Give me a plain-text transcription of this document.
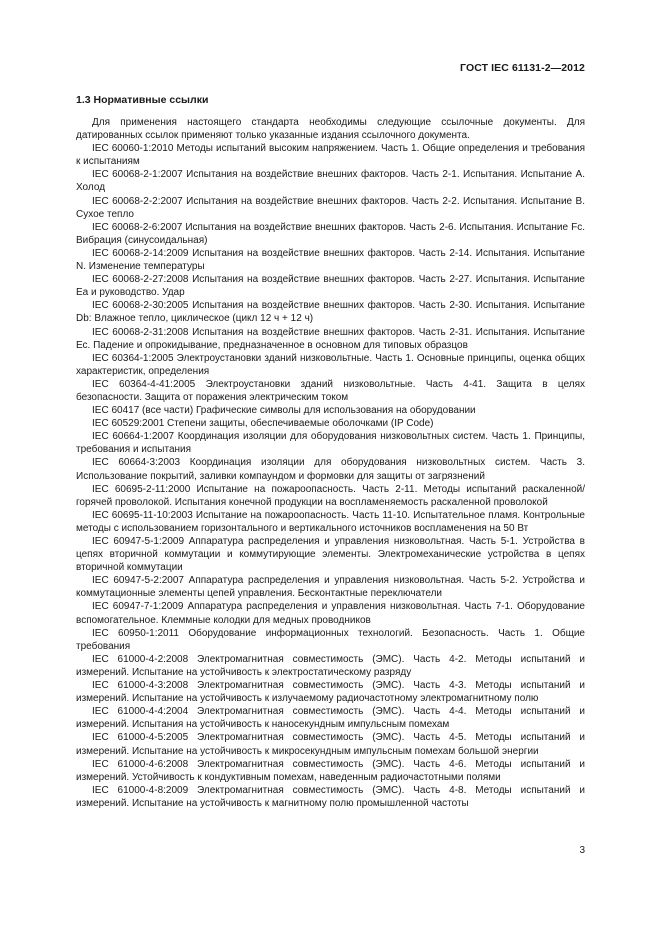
ГОСТ IEC 61131-2—2012
1.3 Нормативные ссылки

Для применения настоящего стандарта необходимы следующие ссылочные документы. Для датированных ссылок применяют только указанные издания ссылочного документа.

IEC 60060-1:2010 Методы испытаний высоким напряжением. Часть 1. Общие определения и требования к испытаниям

IEC 60068-2-1:2007 Испытания на воздействие внешних факторов. Часть 2-1. Испытания. Испытание А. Холод

IEC 60068-2-2:2007 Испытания на воздействие внешних факторов. Часть 2-2. Испытания. Испытание В. Сухое тепло

IEC 60068-2-6:2007 Испытания на воздействие внешних факторов. Часть 2-6. Испытания. Испытание Fc. Вибрация (синусоидальная)

IEC 60068-2-14:2009 Испытания на воздействие внешних факторов. Часть 2-14. Испытания. Испытание N. Изменение температуры

IEC 60068-2-27:2008 Испытания на воздействие внешних факторов. Часть 2-27. Испытания. Испытание Еа и руководство. Удар

IEC 60068-2-30:2005 Испытания на воздействие внешних факторов. Часть 2-30. Испытания. Испытание Db: Влажное тепло, циклическое (цикл 12 ч + 12 ч)

IEC 60068-2-31:2008 Испытания на воздействие внешних факторов. Часть 2-31. Испытания. Испытание Ес. Падение и опрокидывание, предназначенное в основном для типовых образцов

IEC 60364-1:2005 Электроустановки зданий низковольтные. Часть 1. Основные принципы, оценка общих характеристик, определения

IEC 60364-4-41:2005 Электроустановки зданий низковольтные. Часть 4-41. Защита в целях безопасности. Защита от поражения электрическим током

IEC 60417 (все части) Графические символы для использования на оборудовании

IEC 60529:2001 Степени защиты, обеспечиваемые оболочками (IP Code)

IEC 60664-1:2007 Координация изоляции для оборудования низковольтных систем. Часть 1. Принципы, требования и испытания

IEC 60664-3:2003 Координация изоляции для оборудования низковольтных систем. Часть 3. Использование покрытий, заливки компаундом и формовки для защиты от загрязнений

IEC 60695-2-11:2000 Испытание на пожароопасность. Часть 2-11. Методы испытаний раскаленной/горячей проволокой. Испытания конечной продукции на воспламеняемость раскаленной проволокой

IEC 60695-11-10:2003 Испытание на пожароопасность. Часть 11-10. Испытательное пламя. Контрольные методы с использованием горизонтального и вертикального источников воспламенения на 50 Вт

IEC 60947-5-1:2009 Аппаратура распределения и управления низковольтная. Часть 5-1. Устройства в цепях вторичной коммутации и коммутирующие элементы. Электромеханические устройства в цепях вторичной коммутации

IEC 60947-5-2:2007 Аппаратура распределения и управления низковольтная. Часть 5-2. Устройства и коммутационные элементы цепей управления. Бесконтактные переключатели

IEC 60947-7-1:2009 Аппаратура распределения и управления низковольтная. Часть 7-1. Оборудование вспомогательное. Клеммные колодки для медных проводников

IEC 60950-1:2011 Оборудование информационных технологий. Безопасность. Часть 1. Общие требования

IEC 61000-4-2:2008 Электромагнитная совместимость (ЭМС). Часть 4-2. Методы испытаний и измерений. Испытание на устойчивость к электростатическому разряду

IEC 61000-4-3:2008 Электромагнитная совместимость (ЭМС). Часть 4-3. Методы испытаний и измерений. Испытание на устойчивость к излучаемому радиочастотному электромагнитному полю

IEC 61000-4-4:2004 Электромагнитная совместимость (ЭМС). Часть 4-4. Методы испытаний и измерений. Испытания на устойчивость к наносекундным импульсным помехам

IEC 61000-4-5:2005 Электромагнитная совместимость (ЭМС). Часть 4-5. Методы испытаний и измерений. Испытание на устойчивость к микросекундным импульсным помехам большой энергии

IEC 61000-4-6:2008 Электромагнитная совместимость (ЭМС). Часть 4-6. Методы испытаний и измерений. Устойчивость к кондуктивным помехам, наведенным радиочастотными полями

IEC 61000-4-8:2009 Электромагнитная совместимость (ЭМС). Часть 4-8. Методы испытаний и измерений. Испытание на устойчивость к магнитному полю промышленной частоты

3
